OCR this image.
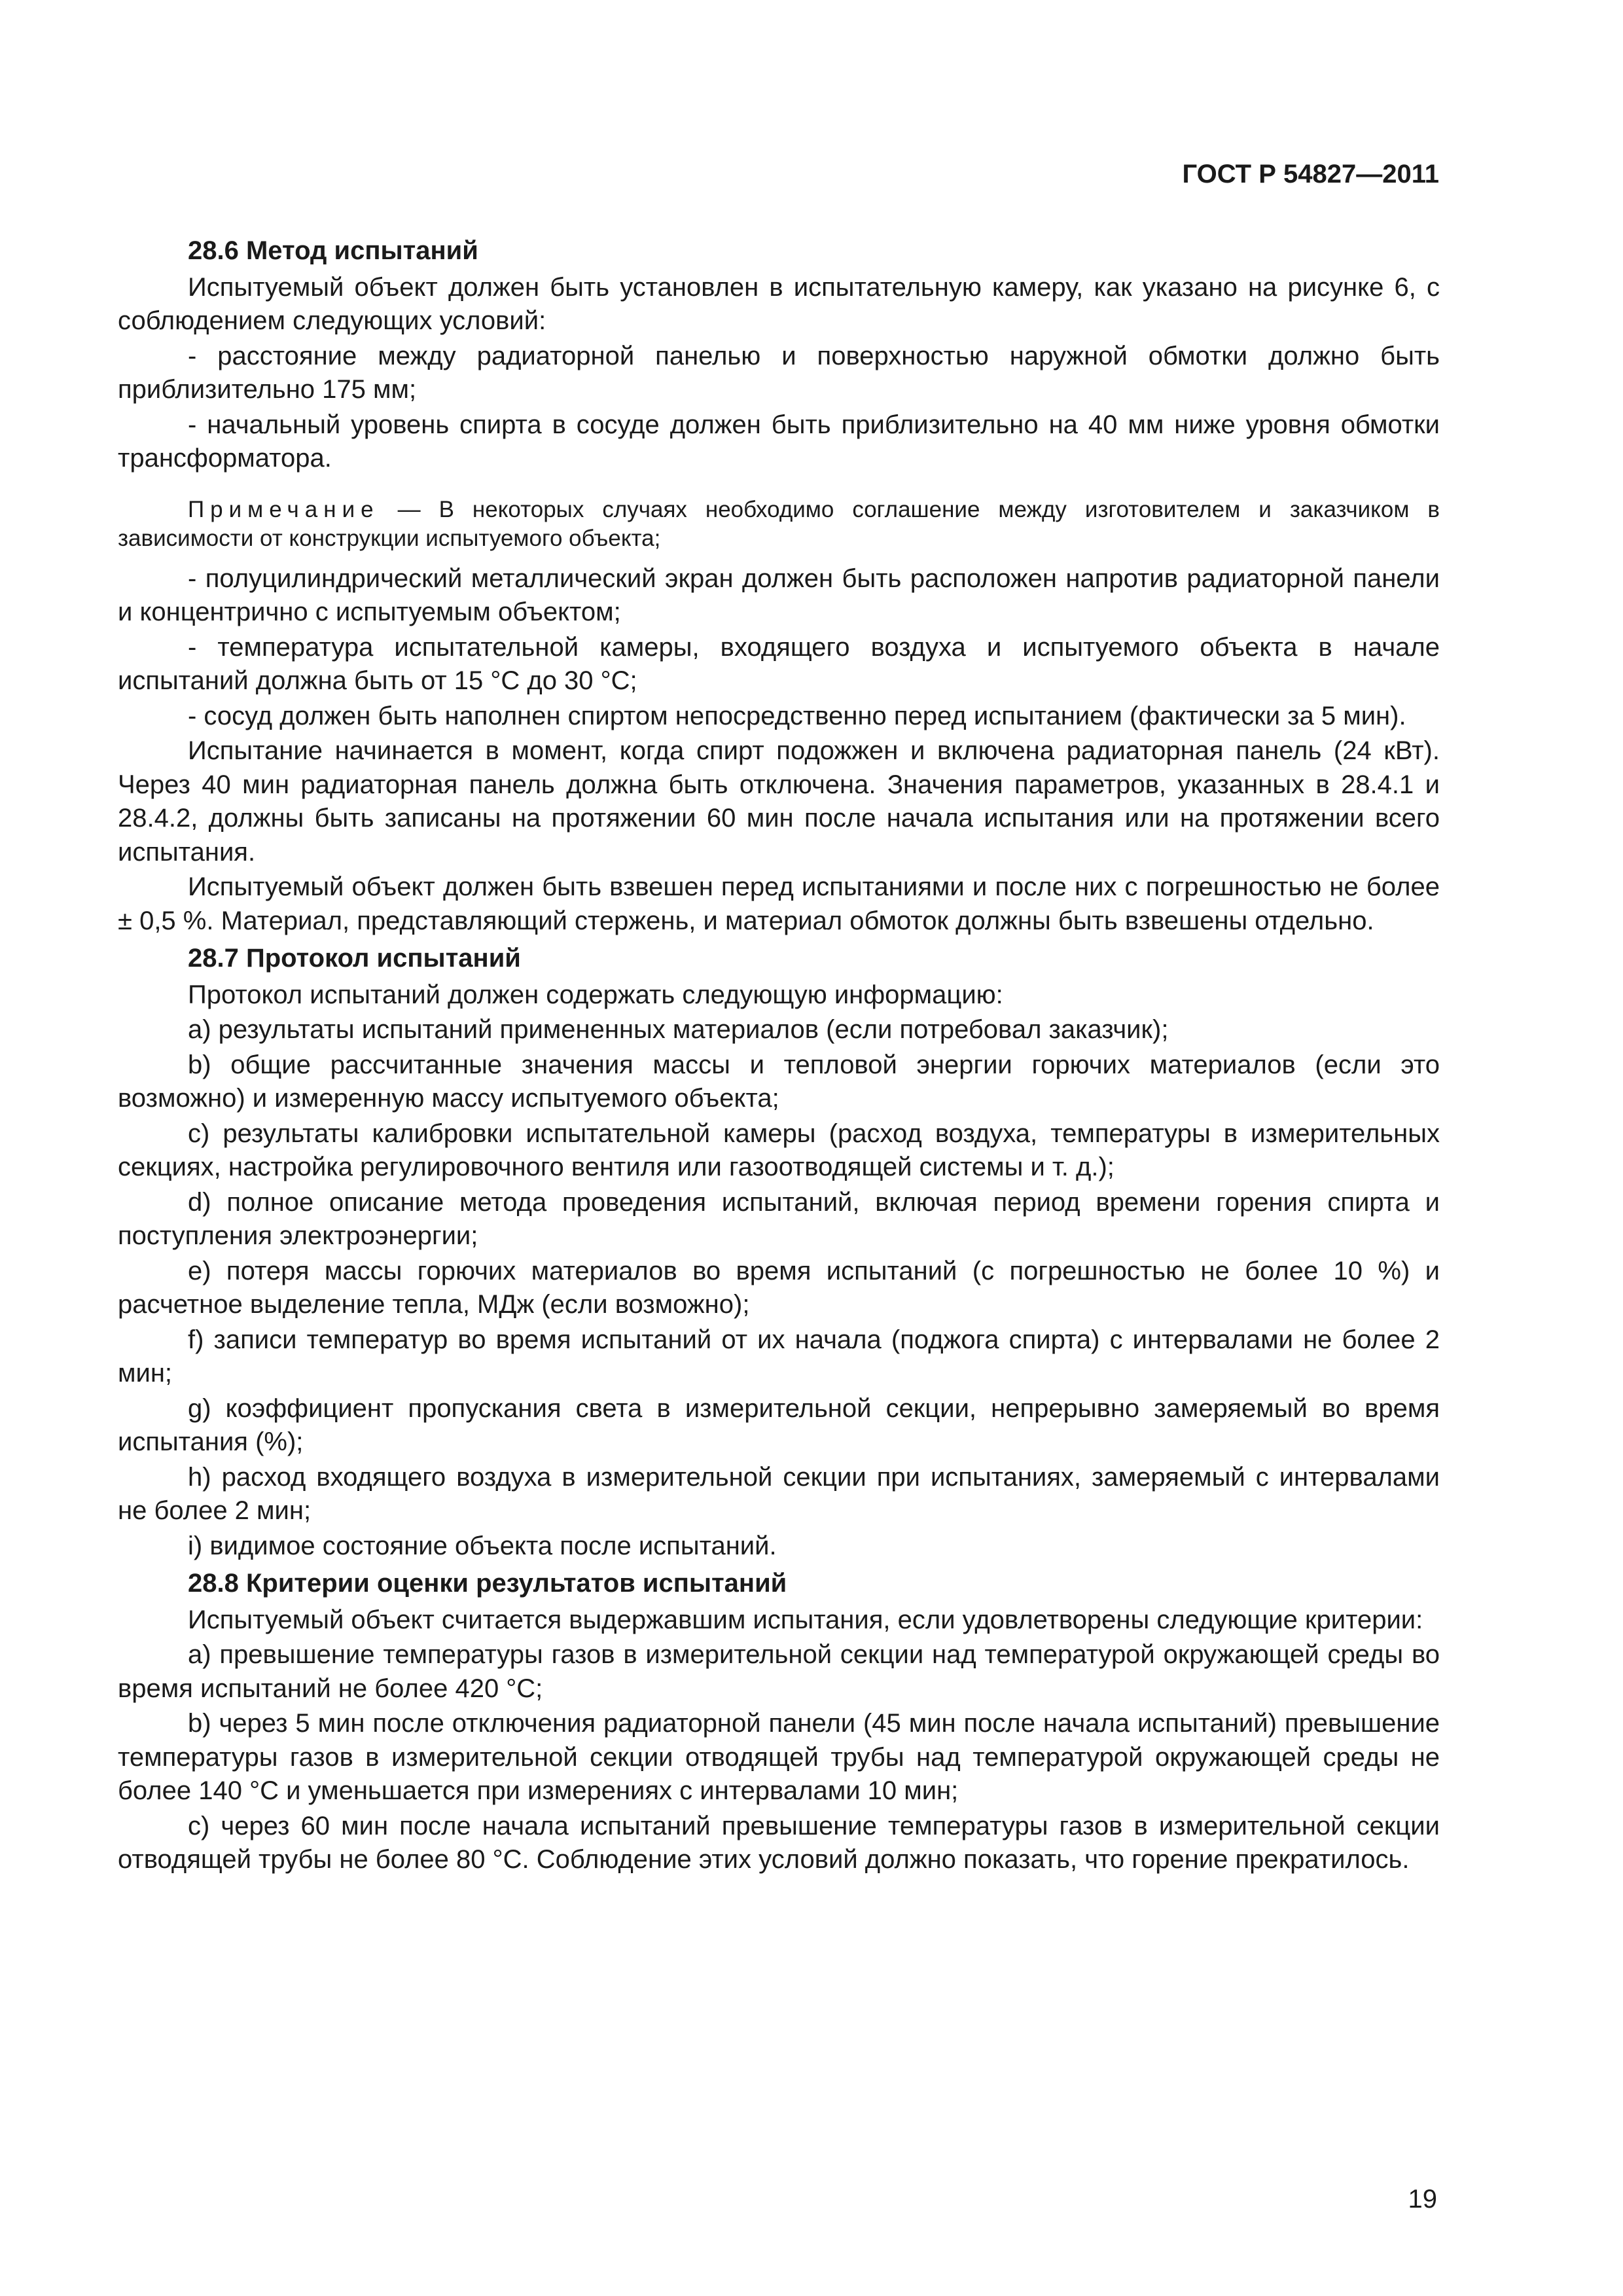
ГОСТ Р 54827—2011
28.6 Метод испытаний

Испытуемый объект должен быть установлен в испытательную камеру, как указано на рисунке 6, с соблюдением следующих условий:

- расстояние между радиаторной панелью и поверхностью наружной обмотки должно быть приблизительно 175 мм;

- начальный уровень спирта в сосуде должен быть приблизительно на 40 мм ниже уровня обмотки трансформатора.

Примечание — В некоторых случаях необходимо соглашение между изготовителем и заказчиком в зависимости от конструкции испытуемого объекта;

- полуцилиндрический металлический экран должен быть расположен напротив радиаторной панели и концентрично с испытуемым объектом;

- температура испытательной камеры, входящего воздуха и испытуемого объекта в начале испытаний должна быть от 15 °С до 30 °С;

- сосуд должен быть наполнен спиртом непосредственно перед испытанием (фактически за 5 мин).

Испытание начинается в момент, когда спирт подожжен и включена радиаторная панель (24 кВт). Через 40 мин радиаторная панель должна быть отключена. Значения параметров, указанных в 28.4.1 и 28.4.2, должны быть записаны на протяжении 60 мин после начала испытания или на протяжении всего испытания.

Испытуемый объект должен быть взвешен перед испытаниями и после них с погрешностью не более ± 0,5 %. Материал, представляющий стержень, и материал обмоток должны быть взвешены отдельно.

28.7 Протокол испытаний

Протокол испытаний должен содержать следующую информацию:

a) результаты испытаний примененных материалов (если потребовал заказчик);

b) общие рассчитанные значения массы и тепловой энергии горючих материалов (если это возможно) и измеренную массу испытуемого объекта;

c) результаты калибровки испытательной камеры (расход воздуха, температуры в измерительных секциях, настройка регулировочного вентиля или газоотводящей системы и т. д.);

d) полное описание метода проведения испытаний, включая период времени горения спирта и поступления электроэнергии;

e) потеря массы горючих материалов во время испытаний (с погрешностью не более 10 %) и расчетное выделение тепла, МДж (если возможно);

f) записи температур во время испытаний от их начала (поджога спирта) с интервалами не более 2 мин;

g) коэффициент пропускания света в измерительной секции, непрерывно замеряемый во время испытания (%);

h) расход входящего воздуха в измерительной секции при испытаниях, замеряемый с интервалами не более 2 мин;

i) видимое состояние объекта после испытаний.

28.8 Критерии оценки результатов испытаний

Испытуемый объект считается выдержавшим испытания, если удовлетворены следующие критерии:

a) превышение температуры газов в измерительной секции над температурой окружающей среды во время испытаний не более 420 °С;

b) через 5 мин после отключения радиаторной панели (45 мин после начала испытаний) превышение температуры газов в измерительной секции отводящей трубы над температурой окружающей среды не более 140 °С и уменьшается при измерениях с интервалами 10 мин;

c) через 60 мин после начала испытаний превышение температуры газов в измерительной секции отводящей трубы не более 80 °С. Соблюдение этих условий должно показать, что горение прекратилось.

19
